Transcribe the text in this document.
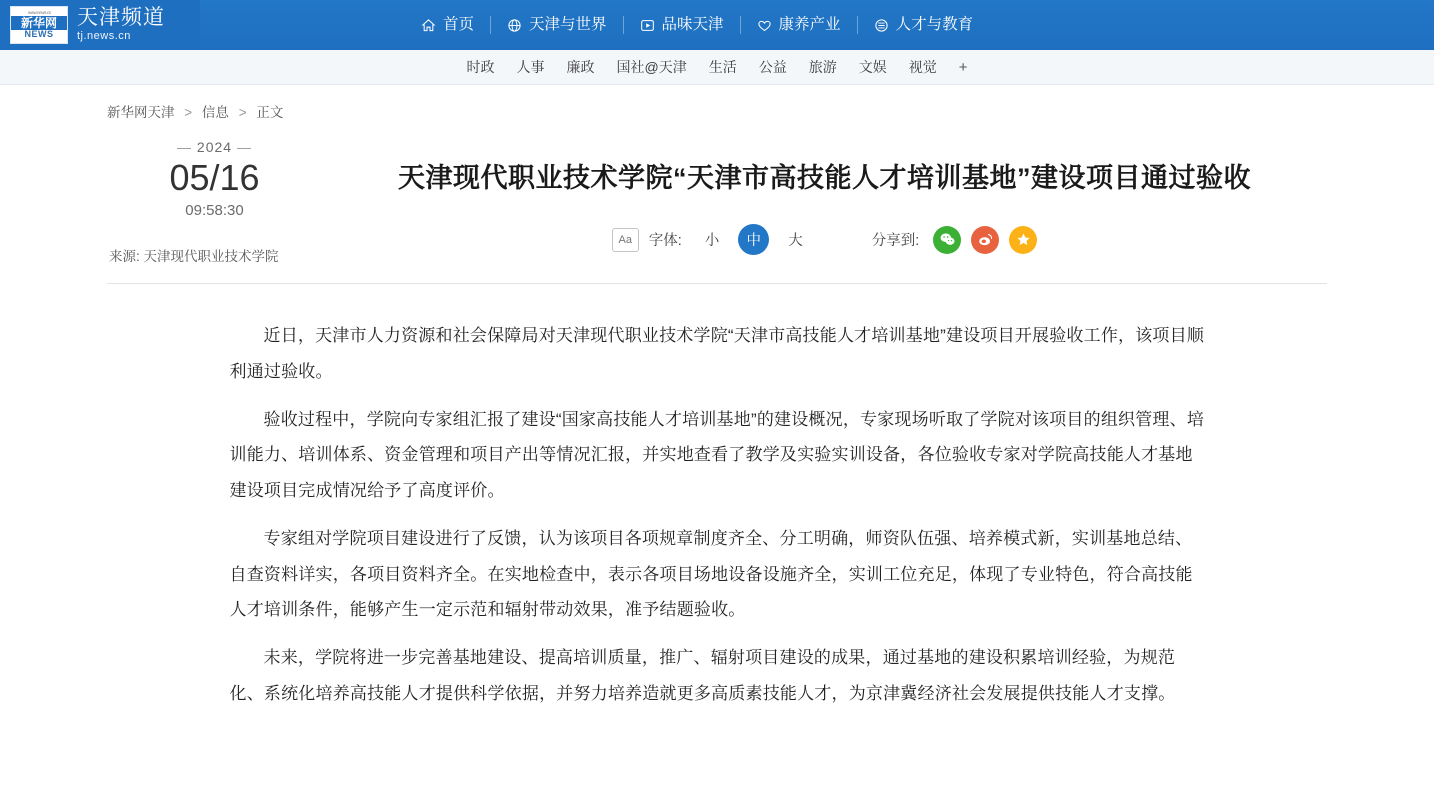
www.news.cn
新华网
NEWS
天津频道
tj.news.cn
首页	天津与世界	品味天津	康养产业	人才与教育
时政 人事 廉政 国社@天津 生活 公益 旅游 文娱 视觉 +
新华网天津 > 信息 > 正文
— 2024 —
05/16
09:58:30
来源: 天津现代职业技术学院
天津现代职业技术学院“天津市高技能人才培训基地”建设项目通过验收
Aa	字体:	小	中	大	分享到:

近日，天津市人力资源和社会保障局对天津现代职业技术学院“天津市高技能人才培训基地”建设项目开展验收工作，该项目顺利通过验收。

验收过程中，学院向专家组汇报了建设“国家高技能人才培训基地”的建设概况，专家现场听取了学院对该项目的组织管理、培训能力、培训体系、资金管理和项目产出等情况汇报，并实地查看了教学及实验实训设备，各位验收专家对学院高技能人才基地建设项目完成情况给予了高度评价。

专家组对学院项目建设进行了反馈，认为该项目各项规章制度齐全、分工明确，师资队伍强、培养模式新，实训基地总结、自查资料详实，各项目资料齐全。在实地检查中，表示各项目场地设备设施齐全，实训工位充足，体现了专业特色，符合高技能人才培训条件，能够产生一定示范和辐射带动效果，准予结题验收。

未来，学院将进一步完善基地建设、提高培训质量，推广、辐射项目建设的成果，通过基地的建设积累培训经验，为规范化、系统化培养高技能人才提供科学依据，并努力培养造就更多高质素技能人才，为京津冀经济社会发展提供技能人才支撑。
